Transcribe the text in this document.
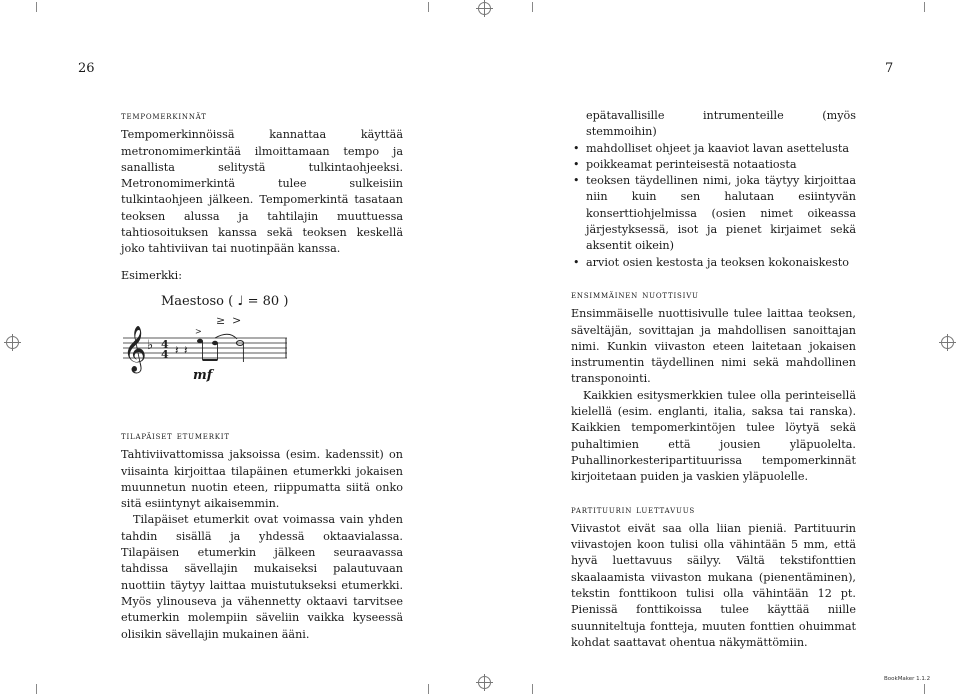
26
tempomerkinnät

Tempomerkinnöissä kannattaa käyttää metronomimerkintää ilmoittamaan tempo ja sanallista selitystä tulkintaohjeeksi. Metronomimerkintä tulee sulkeisiin tulkintaohjeen jälkeen. Tempomerkintä tasataan teoksen alussa ja tahtilajin muuttuessa tahtiosoituksen kanssa sekä teoksen keskellä joko tahtiviivan tai nuotinpään kanssa.

Esimerkki:

Maestoso ( ♩ = 80 )
𝄞 ♭ 4
4 𝄽 𝄽
≥ >
>
mf
tilapäiset etumerkit

Tahtiviivattomissa jaksoissa (esim. kadenssit) on viisainta kirjoittaa tilapäinen etumerkki jokaisen muunnetun nuotin eteen, riippumatta siitä onko sitä esiintynyt aikaisemmin.

Tilapäiset etumerkit ovat voimassa vain yhden tahdin sisällä ja yhdessä oktaavialassa. Tilapäisen etumerkin jälkeen seuraavassa tahdissa sävellajin mukaiseksi palautuvaan nuottiin täytyy laittaa muistutukseksi etumerkki. Myös ylinouseva ja vähennetty oktaavi tarvitsee etumerkin molempiin säveliin vaikka kyseessä olisikin sävellajin mukainen ääni.

7

epätavallisille intrumenteille (myös stemmoihin)

• mahdolliset ohjeet ja kaaviot lavan asettelusta
• poikkeamat perinteisestä notaatiosta
• teoksen täydellinen nimi, joka täytyy kirjoittaa niin kuin sen halutaan esiintyvän konserttiohjelmissa (osien nimet oikeassa järjestyksessä, isot ja pienet kirjaimet sekä aksentit oikein)
• arviot osien kestosta ja teoksen kokonaiskesto
ensimmäinen nuottisivu

Ensimmäiselle nuottisivulle tulee laittaa teoksen, säveltäjän, sovittajan ja mahdollisen sanoittajan nimi. Kunkin viivaston eteen laitetaan jokaisen instrumentin täydellinen nimi sekä mahdollinen transponointi.

Kaikkien esitysmerkkien tulee olla perinteisellä kielellä (esim. englanti, italia, saksa tai ranska). Kaikkien tempomerkintöjen tulee löytyä sekä puhaltimien että jousien yläpuolelta. Puhallinorkesteripartituurissa tempomerkinnät kirjoitetaan puiden ja vaskien yläpuolelle.

partituurin luettavuus

Viivastot eivät saa olla liian pieniä. Partituurin viivastojen koon tulisi olla vähintään 5 mm, että hyvä luettavuus säilyy. Vältä tekstifonttien skaalaamista viivaston mukana (pienentäminen), tekstin fonttikoon tulisi olla vähintään 12 pt. Pienissä fonttikoissa tulee käyttää niille suunniteltuja fontteja, muuten fonttien ohuimmat kohdat saattavat ohentua näkymättömiin.

BookMaker 1.1.2
